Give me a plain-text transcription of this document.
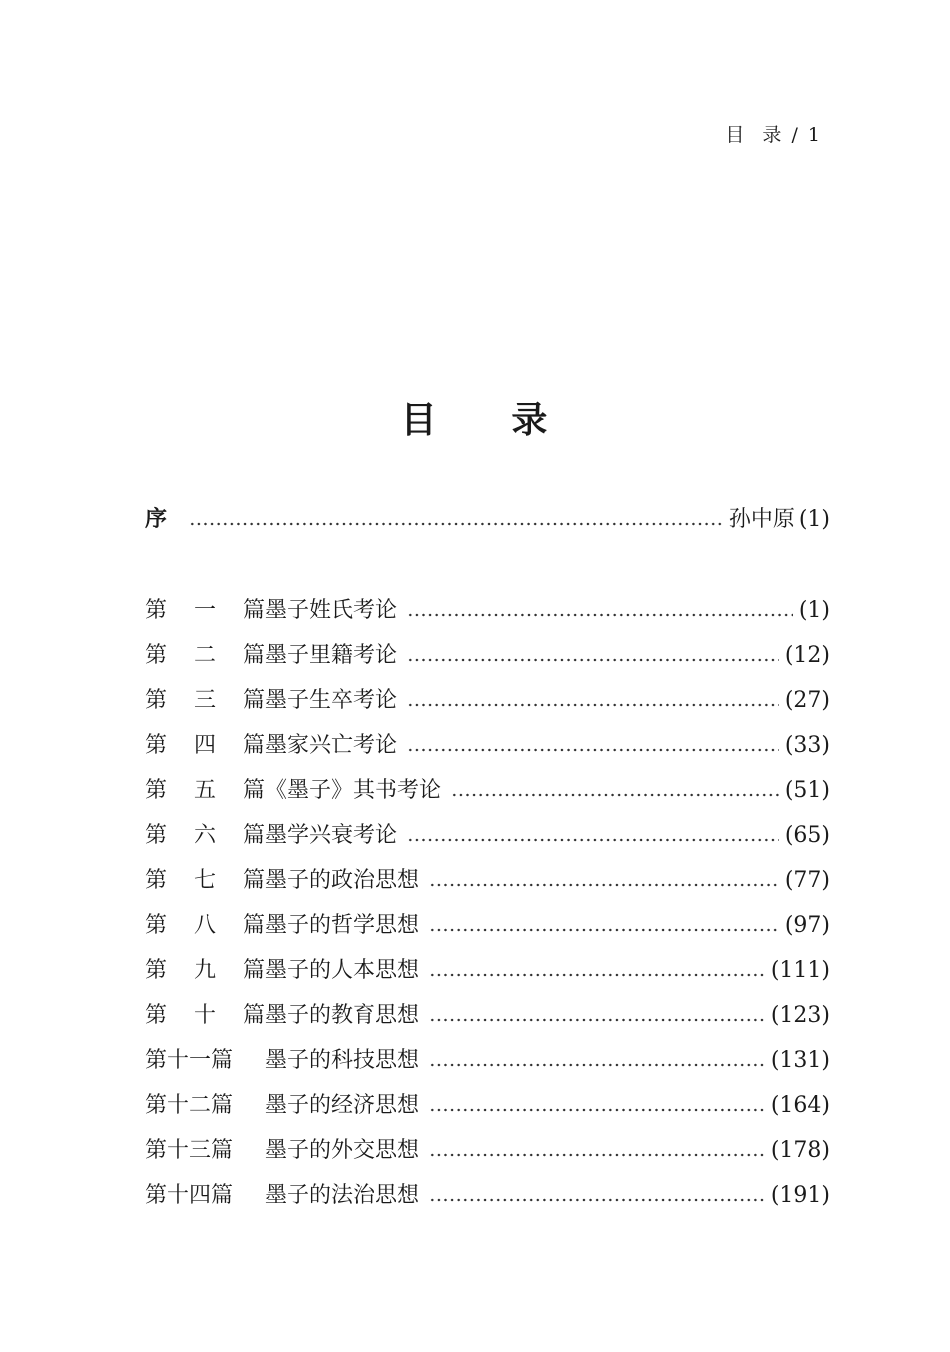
目  录 / 1
目     录
序	孙中原 (1)
第 一 篇 墨子姓氏考论	(1)
第 二 篇 墨子里籍考论	(12)
第 三 篇 墨子生卒考论	(27)
第 四 篇 墨家兴亡考论	(33)
第 五 篇 《墨子》其书考论	(51)
第 六 篇 墨学兴衰考论	(65)
第 七 篇 墨子的政治思想	(77)
第 八 篇 墨子的哲学思想	(97)
第 九 篇 墨子的人本思想	(111)
第 十 篇 墨子的教育思想	(123)
第十一篇 墨子的科技思想	(131)
第十二篇 墨子的经济思想	(164)
第十三篇 墨子的外交思想	(178)
第十四篇 墨子的法治思想	(191)
